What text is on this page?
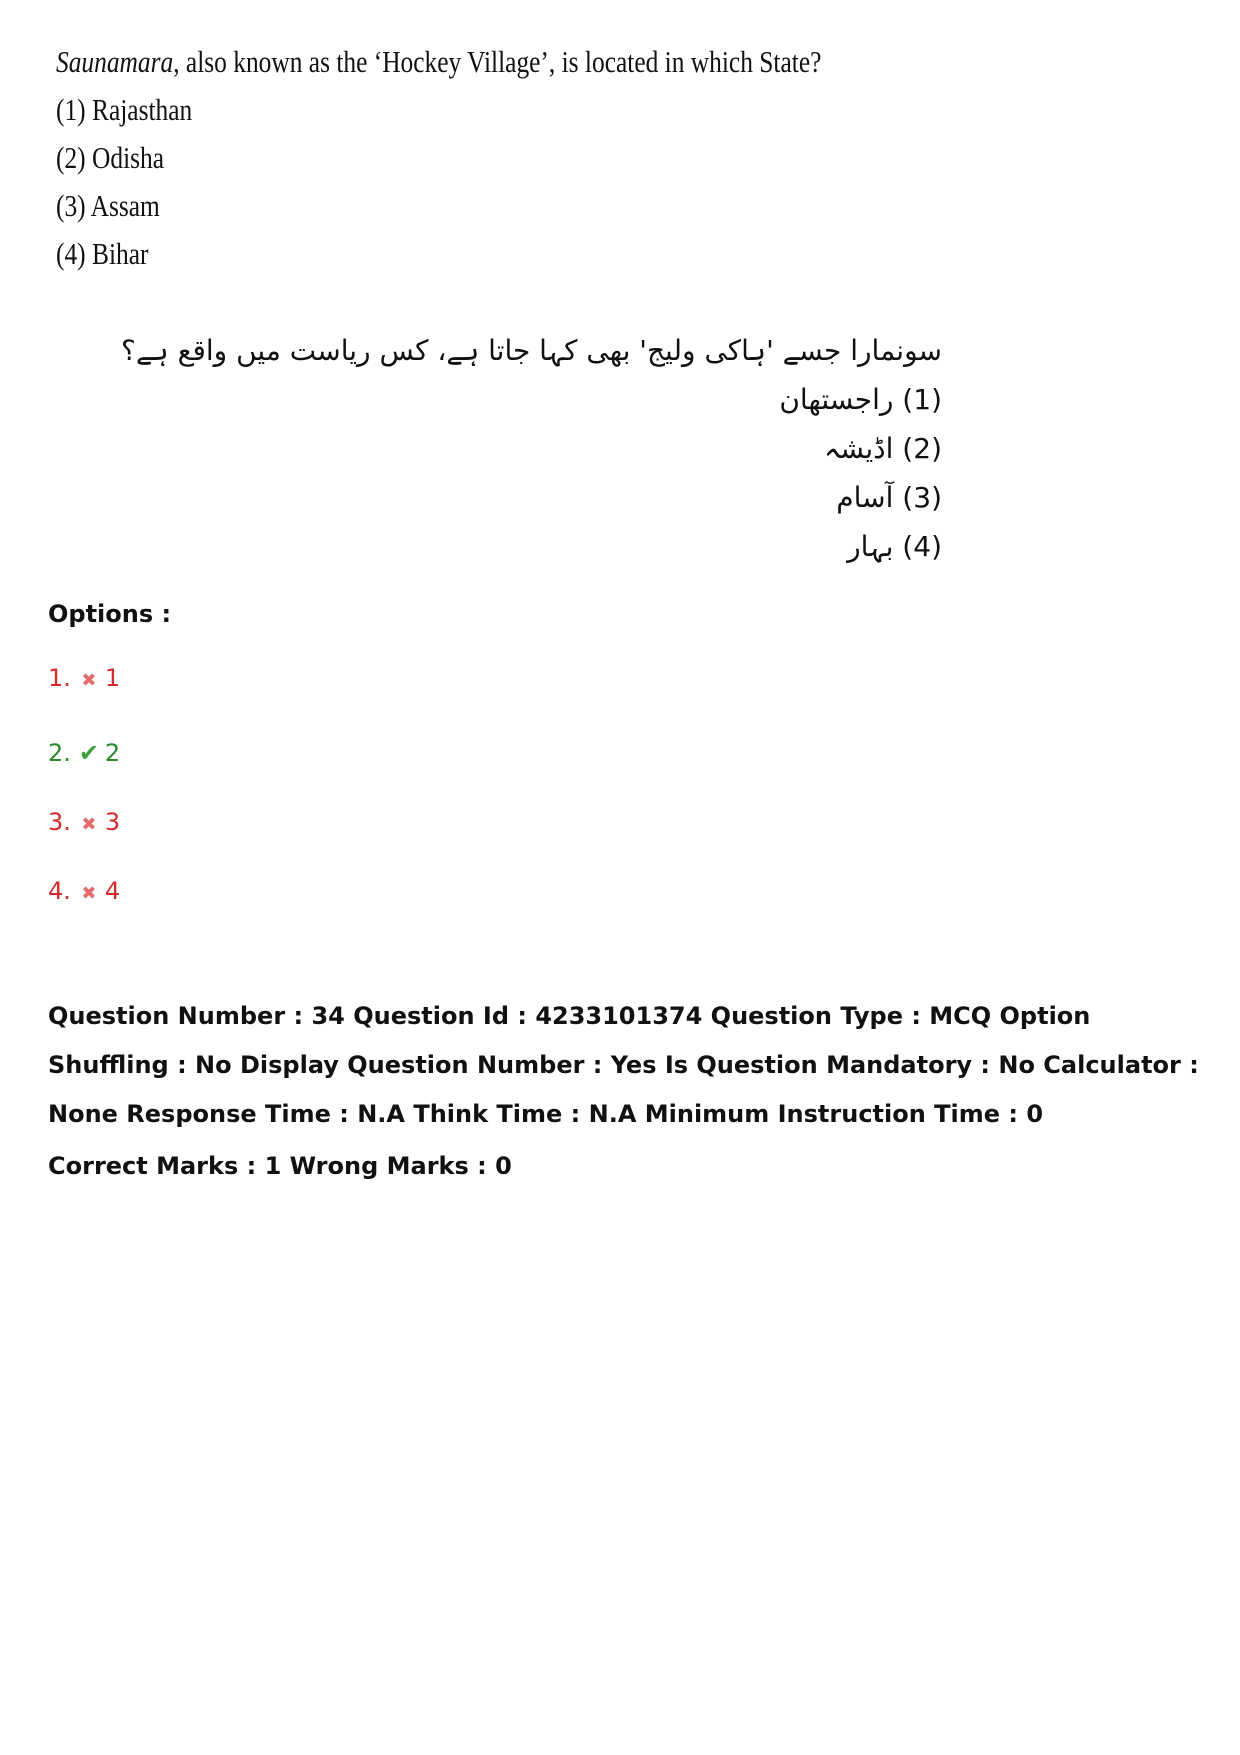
Saunamara, also known as the ‘Hockey Village’, is located in which State?
(1) Rajasthan
(2) Odisha
(3) Assam
(4) Bihar
سونمارا جسے 'ہاکی ولیج' بھی کہا جاتا ہے، کس ریاست میں واقع ہے؟
(1) راجستھان
(2) اڈیشہ
(3) آسام
(4) بہار
Options :
1. ✖ 1
2. ✔ 2
3. ✖ 3
4. ✖ 4
Question Number : 34 Question Id : 4233101374 Question Type : MCQ Option Shuffling : No Display Question Number : Yes Is Question Mandatory : No Calculator : None Response Time : N.A Think Time : N.A Minimum Instruction Time : 0
Correct Marks : 1 Wrong Marks : 0
